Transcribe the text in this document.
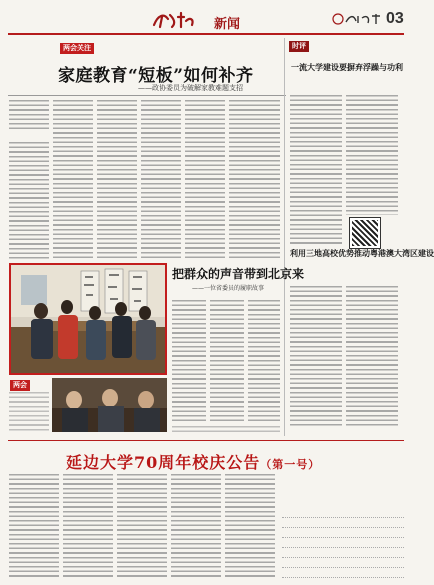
新闻	03
两会关注
家庭教育“短板”如何补齐
——政协委员为破解家教难题支招
时评
一流大学建设要摒弃浮躁与功利
利用三地高校优势推动粤港澳大湾区建设
把群众的声音带到北京来
——一位省委员的履职故事
两会
延边大学70周年校庆公告（第一号）
